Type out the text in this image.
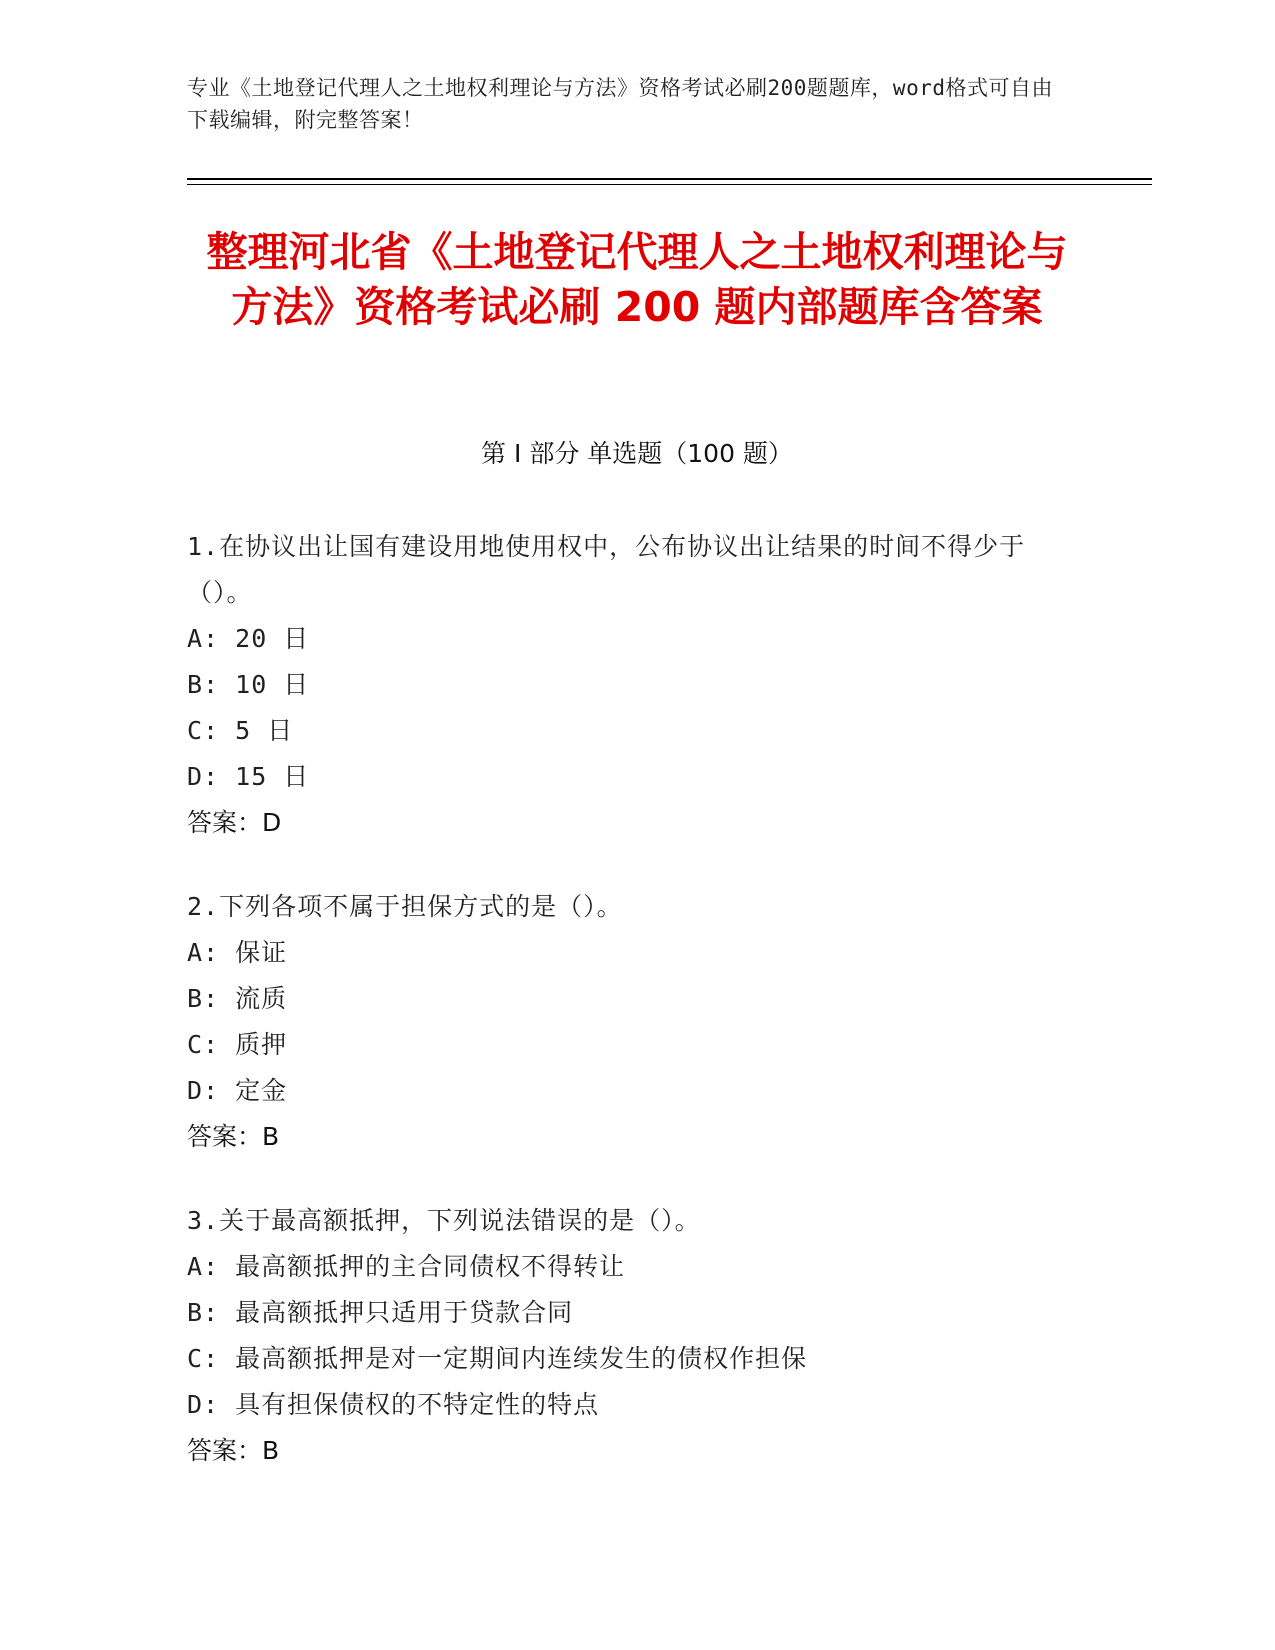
专业《土地登记代理人之土地权利理论与方法》资格考试必刷200题题库，word格式可自由下载编辑，附完整答案！
整理河北省《土地登记代理人之土地权利理论与方法》资格考试必刷 200 题内部题库含答案
第 I 部分 单选题（100 题）
1.在协议出让国有建设用地使用权中，公布协议出让结果的时间不得少于（）。
A: 20 日
B: 10 日
C: 5 日
D: 15 日
答案：D
2.下列各项不属于担保方式的是（）。
A: 保证
B: 流质
C: 质押
D: 定金
答案：B
3.关于最高额抵押，下列说法错误的是（）。
A: 最高额抵押的主合同债权不得转让
B: 最高额抵押只适用于贷款合同
C: 最高额抵押是对一定期间内连续发生的债权作担保
D: 具有担保债权的不特定性的特点
答案：B
